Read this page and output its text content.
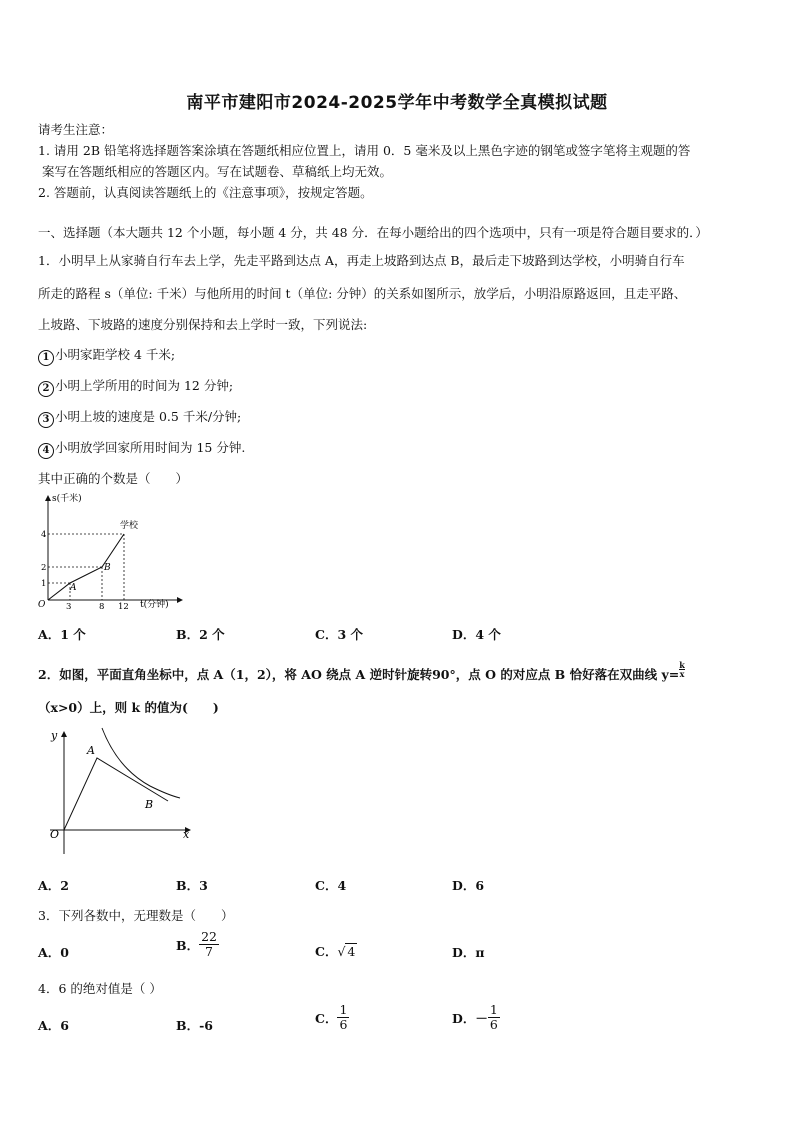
南平市建阳市2024-2025学年中考数学全真模拟试题
请考生注意：
1. 请用 2B 铅笔将选择题答案涂填在答题纸相应位置上，请用 0．5 毫米及以上黑色字迹的钢笔或签字笔将主观题的答
案写在答题纸相应的答题区内。写在试题卷、草稿纸上均无效。
2. 答题前，认真阅读答题纸上的《注意事项》，按规定答题。
一、选择题（本大题共 12 个小题，每小题 4 分，共 48 分．在每小题给出的四个选项中，只有一项是符合题目要求的．）
1．小明早上从家骑自行车去上学，先走平路到达点 A，再走上坡路到达点 B，最后走下坡路到达学校，小明骑自行车
所走的路程 s（单位: 千米）与他所用的时间 t（单位: 分钟）的关系如图所示，放学后，小明沿原路返回，且走平路、
上坡路、下坡路的速度分别保持和去上学时一致，下列说法:
1 小明家距学校 4 千米;
2 小明上学所用的时间为 12 分钟;
3 小明上坡的速度是 0.5 千米/分钟;
4 小明放学回家所用时间为 15 分钟.
其中正确的个数是（　　）
s(千米)
t(分钟)
O
学校
A
B
3	8 12
1
2
4
A．1 个	B．2 个	C．3 个	D．4 个
2．如图，平面直角坐标中，点 A（1，2），将 AO 绕点 A 逆时针旋转90°，点 O 的对应点 B 恰好落在双曲线 $y= \frac{k}{x}$
（x>0）上，则 k 的值为(　　)
y
x
O
A
B
A．2	B．3	C．4	D．6
3．下列各数中，无理数是（　　）
A．0	B． $\frac{22}{7}$	C．√ 4	D．π
4．6 的绝对值是（ ）
A．6	B．-6	C． $\frac{1}{6}$	D．－ $\frac{1}{6}$
